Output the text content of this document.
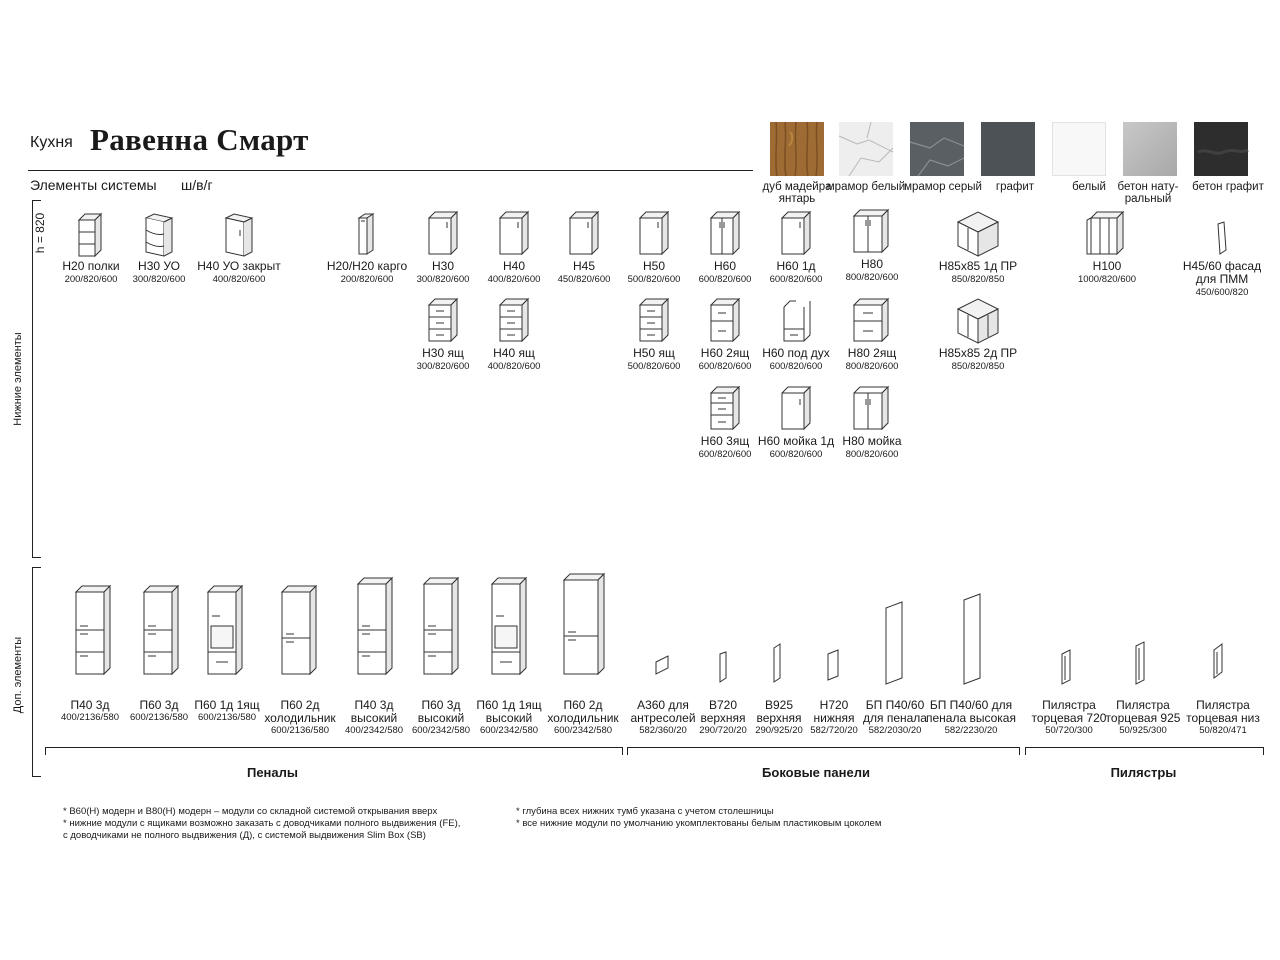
Кухня Равенна Смарт
Элементы системы ш/в/г	дуб мадейра янтарь
мрамор белый
мрамор серый	графит	белый	бетон нату- ральный
бетон графит
h = 820
Нижние элементы
Доп. элементы
Н20 полки
200/820/600
Н30 УО
300/820/600
Н40 УО закрыт
400/820/600
Н20/Н20 карго
200/820/600
Н30
300/820/600
Н40
400/820/600
Н45
450/820/600
Н50
500/820/600
Н60
600/820/600
Н60 1д
600/820/600
Н80
800/820/600
Н85х85 1д ПР
850/820/850
Н100
1000/820/600
Н45/60 фасад
для ПММ
450/600/820
Н30 ящ
300/820/600
Н40 ящ
400/820/600
Н50 ящ
500/820/600
Н60 2ящ
600/820/600
Н60 под дух
600/820/600
Н80 2ящ
800/820/600
Н85х85 2д ПР
850/820/850
Н60 3ящ
600/820/600
Н60 мойка 1д
600/820/600
Н80 мойка
800/820/600
П40 3д
400/2136/580
П60 3д
600/2136/580
П60 1д 1ящ
600/2136/580
П60 2д
холодильник
600/2136/580
П40 3д
высокий
400/2342/580
П60 3д
высокий
600/2342/580
П60 1д 1ящ
высокий
600/2342/580
П60 2д
холодильник
600/2342/580
А360 для
антресолей
582/360/20
В720
верхняя
290/720/20
В925
верхняя
290/925/20
Н720
нижняя
582/720/20
БП П40/60
для пенала
582/2030/20
БП П40/60 для
пенала высокая
582/2230/20
Пилястра
торцевая 720
50/720/300
Пилястра
торцевая 925
50/925/300
Пилястра
торцевая низ
50/820/471
Пеналы	Боковые панели	Пилястры
* В60(Н) модерн и В80(Н) модерн – модули со складной системой открывания вверх
* нижние модули с ящиками возможно заказать с доводчиками полного выдвижения (FE),
с доводчиками не полного выдвижения (Д), с системой выдвижения Slim Box (SB)
* глубина всех нижних тумб указана с учетом столешницы
* все нижние модули по умолчанию укомплектованы белым пластиковым цоколем
